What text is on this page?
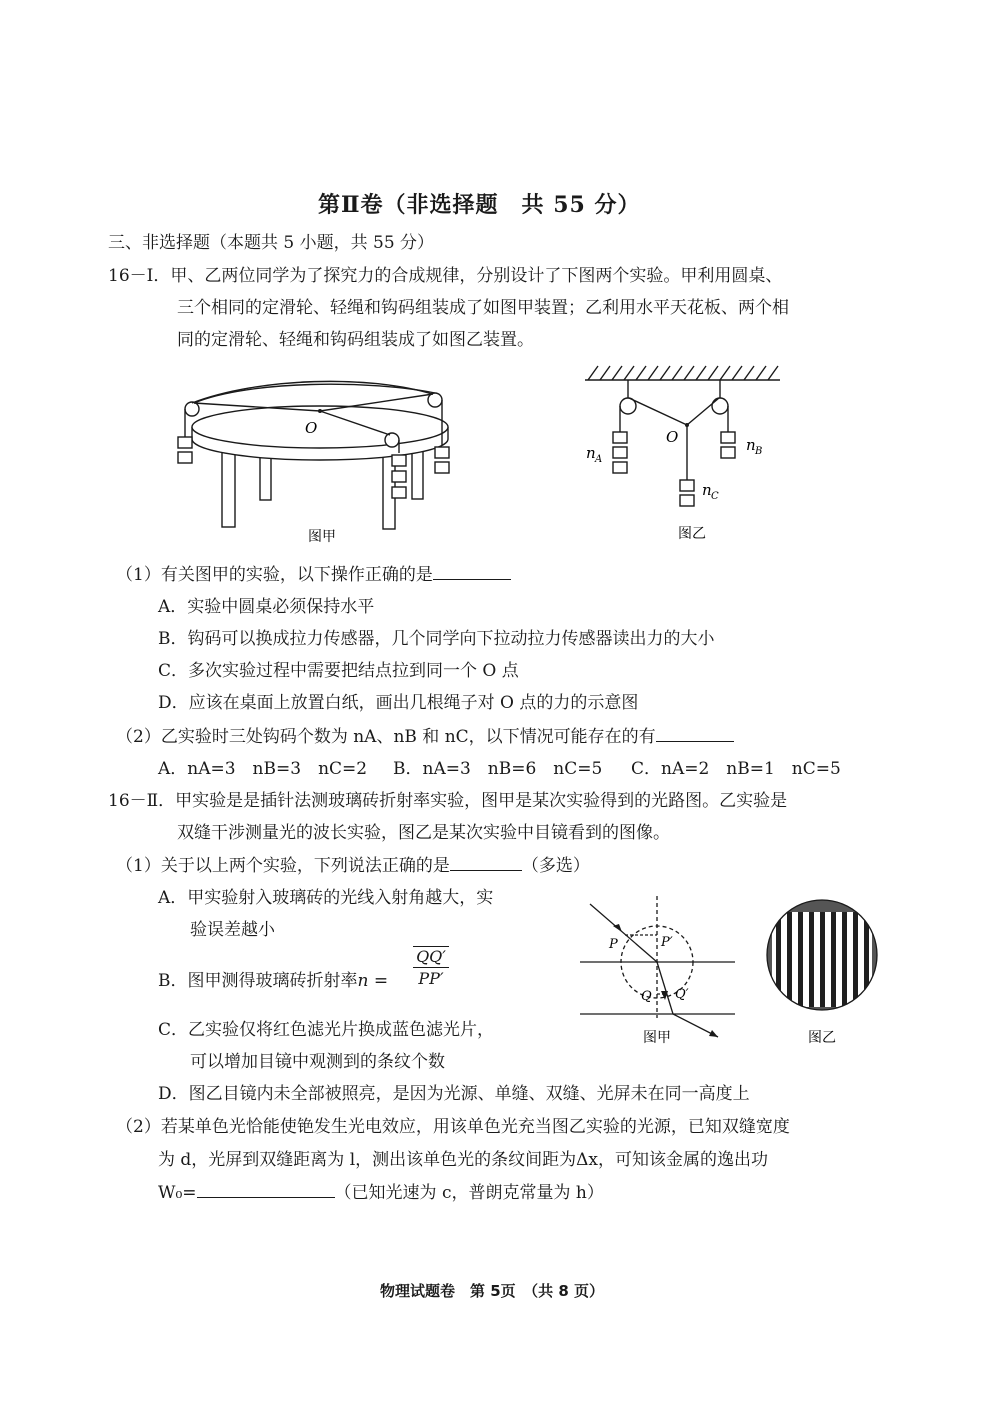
第Ⅱ卷（非选择题　共 55 分）
三、非选择题（本题共 5 小题，共 55 分）
16－Ⅰ．甲、乙两位同学为了探究力的合成规律，分别设计了下图两个实验。甲利用圆桌、
三个相同的定滑轮、轻绳和钩码组装成了如图甲装置；乙利用水平天花板、两个相
同的定滑轮、轻绳和钩码组装成了如图乙装置。
O
图甲
O
n A
n B
n C
图乙
（1）有关图甲的实验，以下操作正确的是
A．实验中圆桌必须保持水平
B．钩码可以换成拉力传感器，几个同学向下拉动拉力传感器读出力的大小
C．多次实验过程中需要把结点拉到同一个 O 点
D．应该在桌面上放置白纸，画出几根绳子对 O 点的力的示意图
（2）乙实验时三处钩码个数为 nA、nB 和 nC，以下情况可能存在的有
A．nA=3　nB=3　nC=2 B．nA=3　nB=6　nC=5 C．nA=2　nB=1　nC=5
16－Ⅱ．甲实验是是插针法测玻璃砖折射率实验，图甲是某次实验得到的光路图。乙实验是
双缝干涉测量光的波长实验，图乙是某次实验中目镜看到的图像。
（1）关于以上两个实验，下列说法正确的是	（多选）
A．甲实验射入玻璃砖的光线入射角越大，实
验误差越小
B．图甲测得玻璃砖折射率n =
QQ′
PP′
C．乙实验仅将红色滤光片换成蓝色滤光片，
可以增加目镜中观测到的条纹个数
D．图乙目镜内未全部被照亮，是因为光源、单缝、双缝、光屏未在同一高度上
P	P′
Q Q′
图甲	图乙
（2）若某单色光恰能使铯发生光电效应，用该单色光充当图乙实验的光源，已知双缝宽度
为 d，光屏到双缝距离为 l，测出该单色光的条纹间距为Δx，可知该金属的逸出功
W₀=	（已知光速为 c，普朗克常量为 h）
物理试题卷　第 5页　（共 8 页）
